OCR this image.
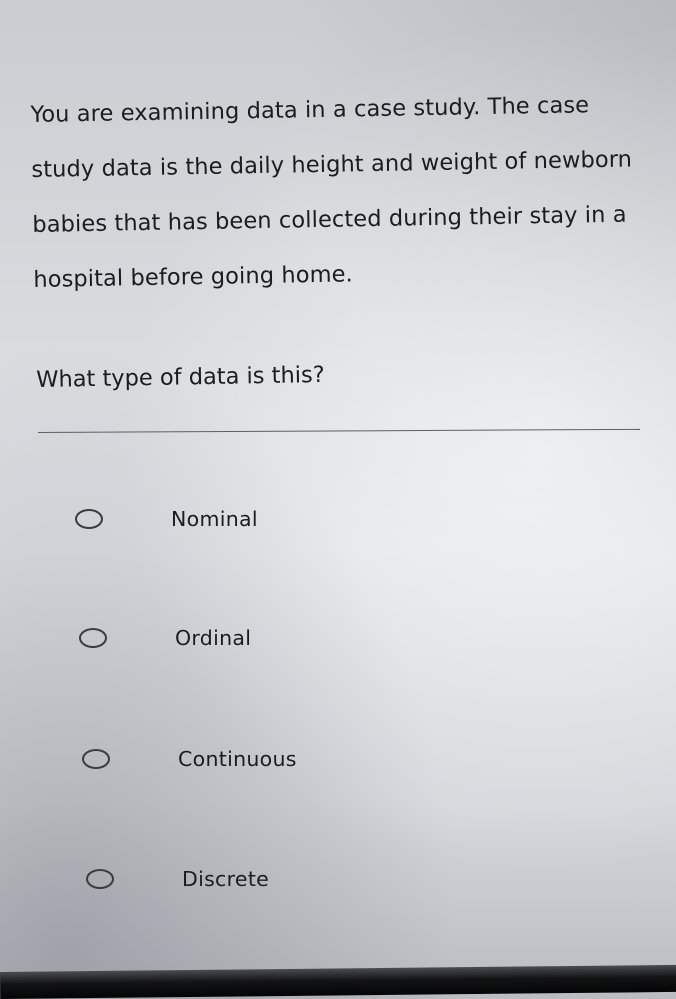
You are examining data in a case study. The case
study data is the daily height and weight of newborn
babies that has been collected during their stay in a
hospital before going home.

What type of data is this?

Nominal
Ordinal
Continuous
Discrete
